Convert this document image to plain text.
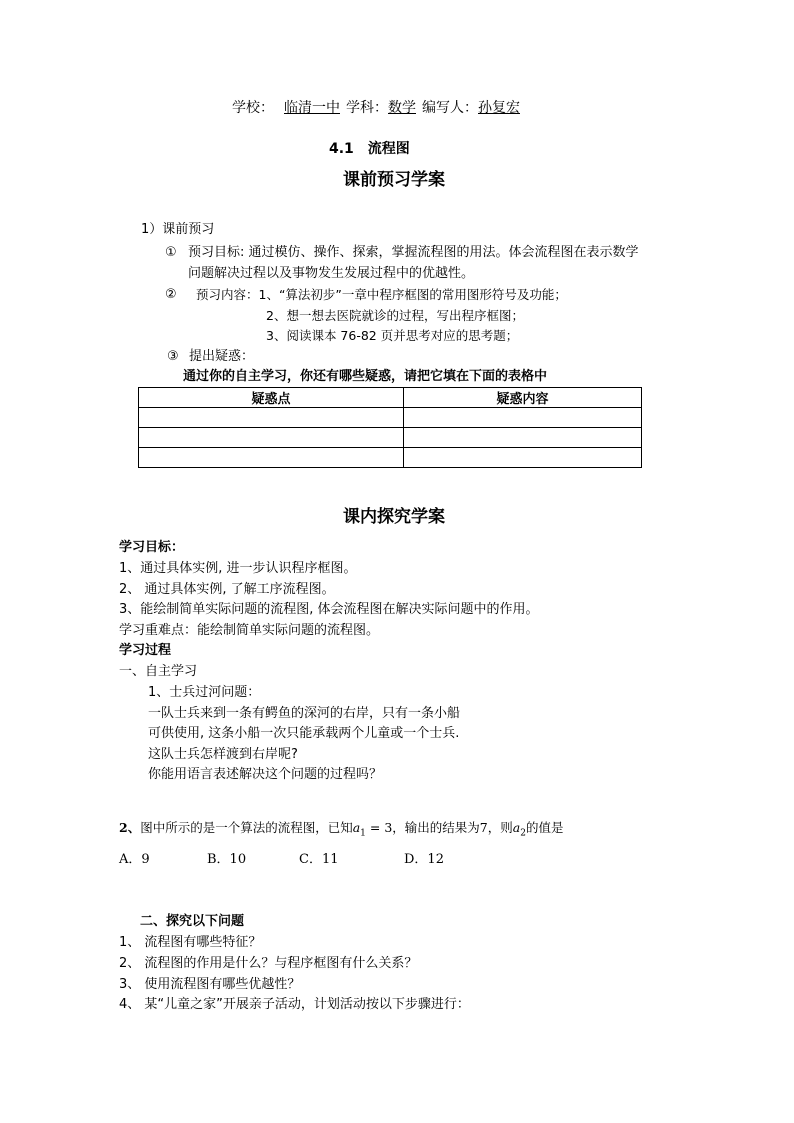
学校： 临清一中 学科：数学 编写人：孙复宏
4.1　流程图
课前预习学案
1）课前预习
① 预习目标: 通过模仿、操作、探索，掌握流程图的用法。体会流程图在表示数学
问题解决过程以及事物发生发展过程中的优越性。
② 预习内容：1、“算法初步”一章中程序框图的常用图形符号及功能；
2、想一想去医院就诊的过程，写出程序框图；
3、阅读课本 76-82 页并思考对应的思考题；
③ 提出疑惑：
通过你的自主学习，你还有哪些疑惑，请把它填在下面的表格中
疑惑点	疑惑内容

课内探究学案
学习目标：
1、通过具体实例, 进一步认识程序框图。
2、 通过具体实例, 了解工序流程图。
3、能绘制简单实际问题的流程图, 体会流程图在解决实际问题中的作用。
学习重难点：能绘制简单实际问题的流程图。
学习过程
一、自主学习
1、士兵过河问题：
一队士兵来到一条有鳄鱼的深河的右岸，只有一条小船
可供使用, 这条小船一次只能承载两个儿童或一个士兵.
这队士兵怎样渡到右岸呢?
你能用语言表述解决这个问题的过程吗？
2、图中所示的是一个算法的流程图，已知$a_1 = 3$，输出的结果为7，则$a_2$的值是
A．9	B．10	C．11	D．12
二、探究以下问题
1、 流程图有哪些特征？
2、 流程图的作用是什么？与程序框图有什么关系？
3、 使用流程图有哪些优越性？
4、 某“儿童之家”开展亲子活动，计划活动按以下步骤进行：
